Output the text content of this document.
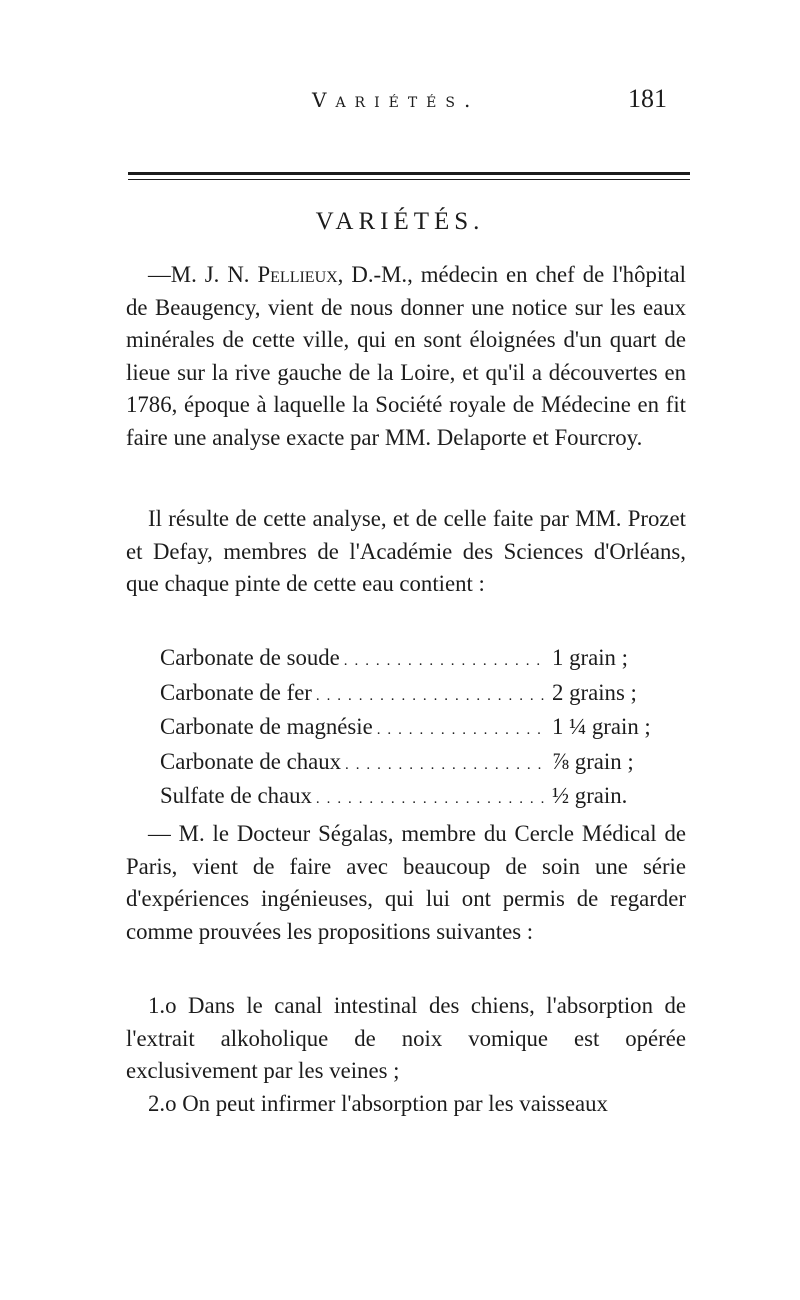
Variétés.	181
VARIÉTÉS.

—M. J. N. Pellieux, D.-M., médecin en chef de l'hôpital de Beaugency, vient de nous donner une notice sur les eaux minérales de cette ville, qui en sont éloignées d'un quart de lieue sur la rive gauche de la Loire, et qu'il a découvertes en 1786, époque à laquelle la Société royale de Médecine en fit faire une analyse exacte par MM. Delaporte et Fourcroy.

Il résulte de cette analyse, et de celle faite par MM. Prozet et Defay, membres de l'Académie des Sciences d'Orléans, que chaque pinte de cette eau contient :

Carbonate de soude . . .	1 grain ;
Carbonate de fer . . .	2 grains ;
Carbonate de magnésie . . .	1 ¼ grain ;
Carbonate de chaux . . .	⅞ grain ;
Sulfate de chaux . . .	½ grain.

— M. le Docteur Ségalas, membre du Cercle Médical de Paris, vient de faire avec beaucoup de soin une série d'expériences ingénieuses, qui lui ont permis de regarder comme prouvées les propositions suivantes :

1.o Dans le canal intestinal des chiens, l'absorption de l'extrait alkoholique de noix vomique est opérée exclusivement par les veines ;

2.o On peut infirmer l'absorption par les vaisseaux
